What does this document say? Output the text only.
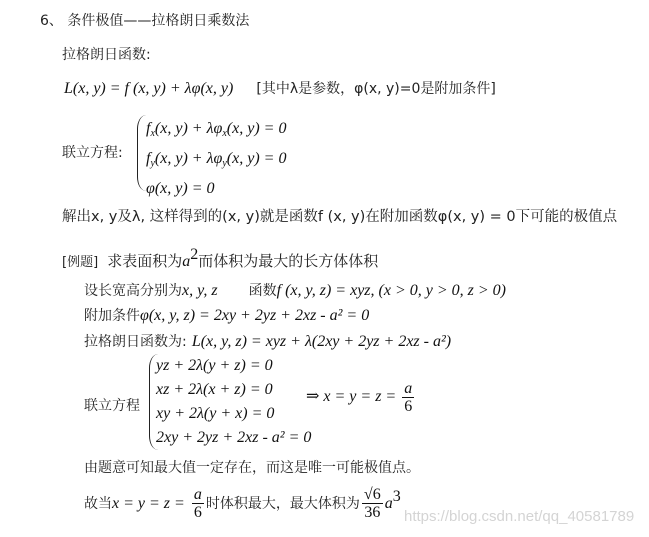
6、 条件极值——拉格朗日乘数法
拉格朗日函数:
L(x, y) = f (x, y) + λφ(x, y) [其中λ是参数，φ(x, y)=0是附加条件]
联立方程:
$f_x(x$, $y) + \lambda\varphi_x(x$, y) = 0
$f_y(x$, $y) + \lambda\varphi_y(x$, y) = 0
φ(x, y) = 0
解出x, y及λ, 这样得到的(x, y)就是函数f (x, y)在附加函数φ(x, y) = 0下可能的极值点
[例题] 求表面积为$a^2$而体积为最大的长方体体积
设长宽高分别为x, y, z 函数f (x, y, z) = xyz, (x > 0, y > 0, z > 0)
附加条件φ(x, y, z) = 2xy + 2yz + 2xz - a² = 0
拉格朗日函数为: L(x, y, z) = xyz + λ(2xy + 2yz + 2xz - a²)
联立方程
yz + 2λ(y + z) = 0
xz + 2λ(x + z) = 0
xy + 2λ(y + x) = 0
2xy + 2yz + 2xz - a² = 0
⇒ $x = y = z = \frac{a}{6}$
由题意可知最大值一定存在，而这是唯一可能极值点。
故当$x = y = z = \frac{a}{6}$ 时体积最大，最大体积为 $\frac{√6}{36} a^3$
https://blog.csdn.net/qq_40581789
